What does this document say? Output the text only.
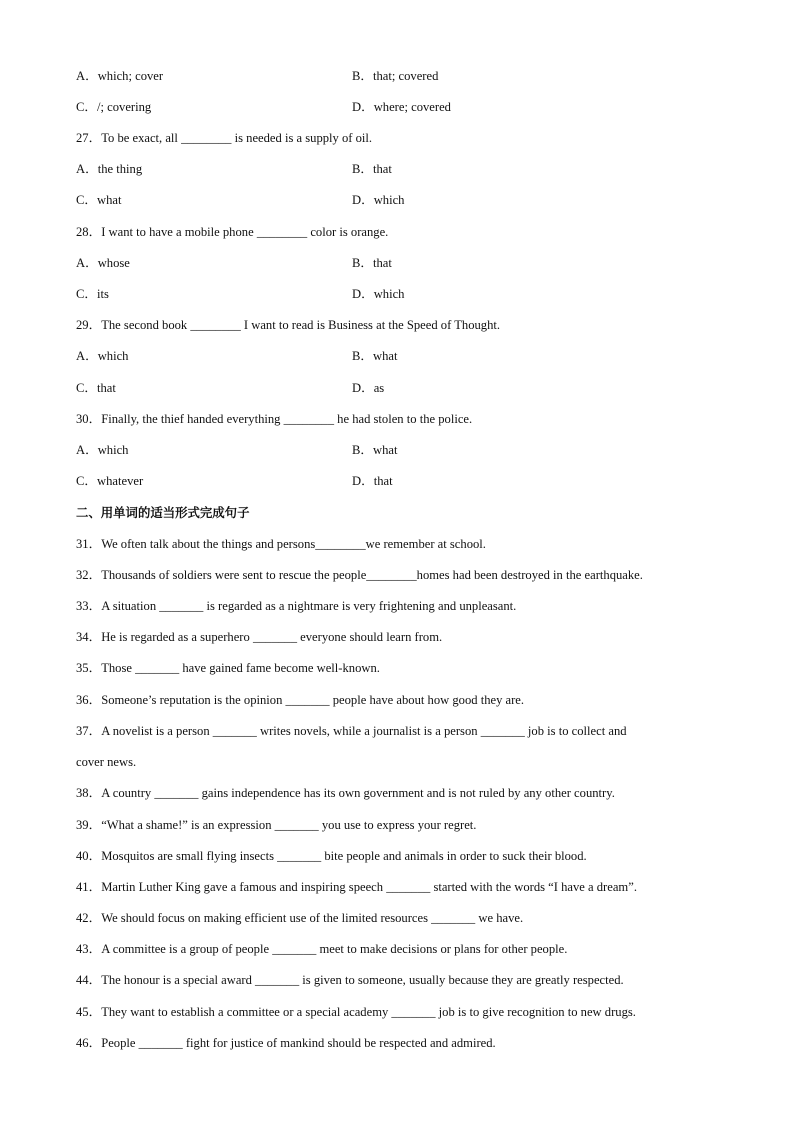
A．which; cover	B．that; covered
C．/; covering	D．where; covered
27．To be exact, all ________ is needed is a supply of oil.
A．the thing	B．that
C．what	D．which
28．I want to have a mobile phone ________ color is orange.
A．whose	B．that
C．its	D．which
29．The second book ________ I want to read is Business at the Speed of Thought.
A．which	B．what
C．that	D．as
30．Finally, the thief handed everything ________ he had stolen to the police.
A．which	B．what
C．whatever	D．that
二、用单词的适当形式完成句子
31．We often talk about the things and persons________we remember at school.
32．Thousands of soldiers were sent to rescue the people________homes had been destroyed in the earthquake.
33．A situation _______ is regarded as a nightmare is very frightening and unpleasant.
34．He is regarded as a superhero _______ everyone should learn from.
35．Those _______ have gained fame become well-known.
36．Someone’s reputation is the opinion _______ people have about how good they are.
37．A novelist is a person _______ writes novels, while a journalist is a person _______ job is to collect and
cover news.
38．A country _______ gains independence has its own government and is not ruled by any other country.
39．“What a shame!” is an expression _______ you use to express your regret.
40．Mosquitos are small flying insects _______ bite people and animals in order to suck their blood.
41．Martin Luther King gave a famous and inspiring speech _______ started with the words “I have a dream”.
42．We should focus on making efficient use of the limited resources _______ we have.
43．A committee is a group of people _______ meet to make decisions or plans for other people.
44．The honour is a special award _______ is given to someone, usually because they are greatly respected.
45．They want to establish a committee or a special academy _______ job is to give recognition to new drugs.
46．People _______ fight for justice of mankind should be respected and admired.
